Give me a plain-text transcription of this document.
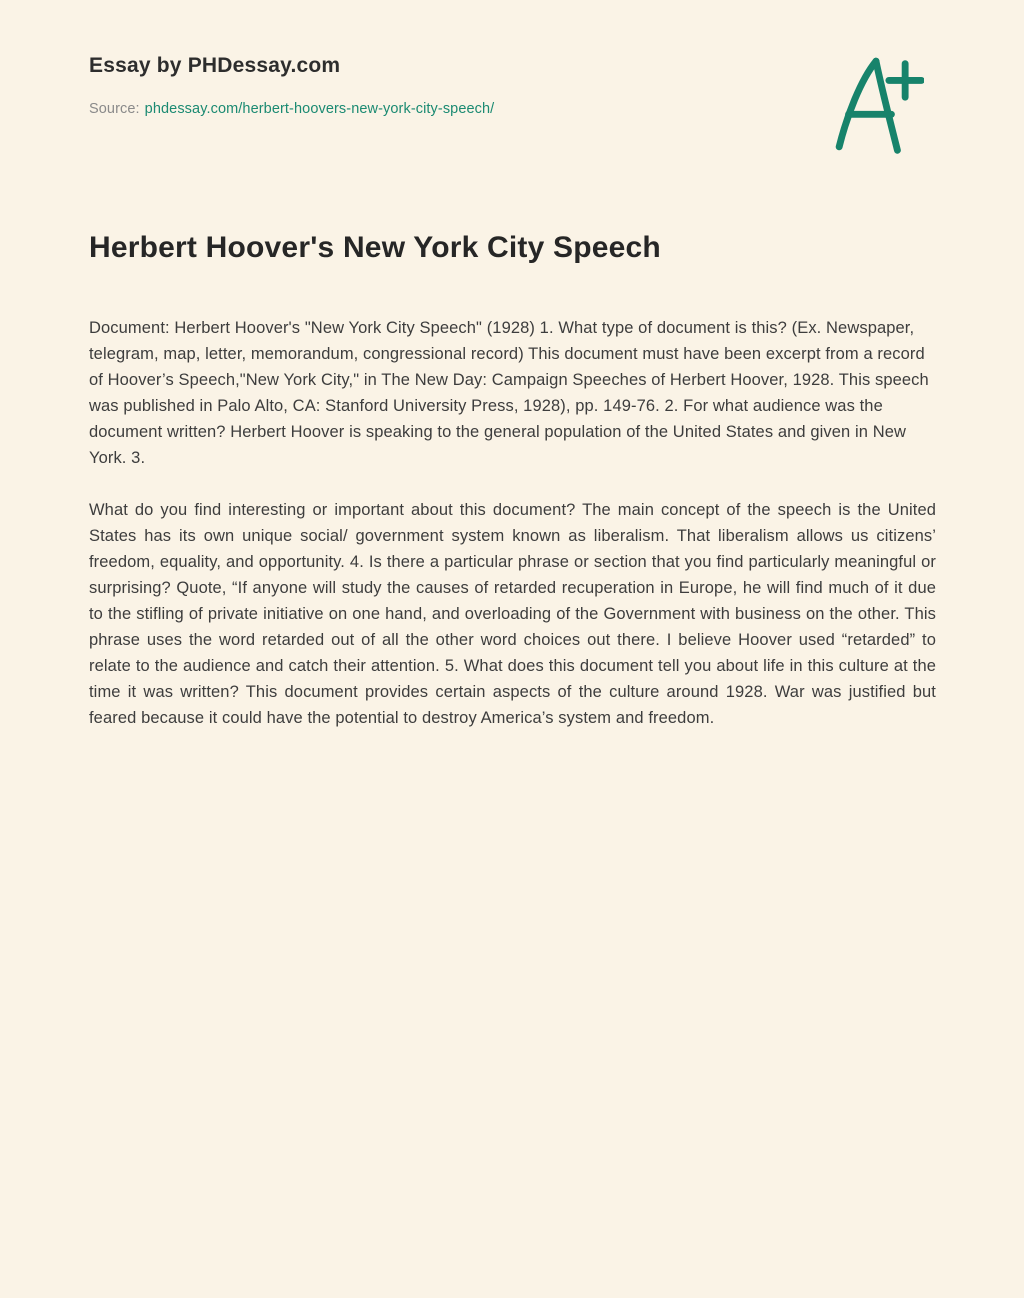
Essay by PHDessay.com
Source: phdessay.com/herbert-hoovers-new-york-city-speech/
Herbert Hoover's New York City Speech

Document: Herbert Hoover's "New York City Speech" (1928) 1. What type of document is this? (Ex. Newspaper, telegram, map, letter, memorandum, congressional record) This document must have been excerpt from a record of Hoover’s Speech,"New York City," in The New Day: Campaign Speeches of Herbert Hoover, 1928. This speech was published in Palo Alto, CA: Stanford University Press, 1928), pp. 149-76. 2. For what audience was the document written? Herbert Hoover is speaking to the general population of the United States and given in New York. 3.

What do you find interesting or important about this document? The main concept of the speech is the United States has its own unique social/ government system known as liberalism. That liberalism allows us citizens’ freedom, equality, and opportunity. 4. Is there a particular phrase or section that you find particularly meaningful or surprising? Quote, “If anyone will study the causes of retarded recuperation in Europe, he will find much of it due to the stifling of private initiative on one hand, and overloading of the Government with business on the other. This phrase uses the word retarded out of all the other word choices out there. I believe Hoover used “retarded” to relate to the audience and catch their attention. 5. What does this document tell you about life in this culture at the time it was written? This document provides certain aspects of the culture around 1928. War was justified but feared because it could have the potential to destroy America’s system and freedom.
